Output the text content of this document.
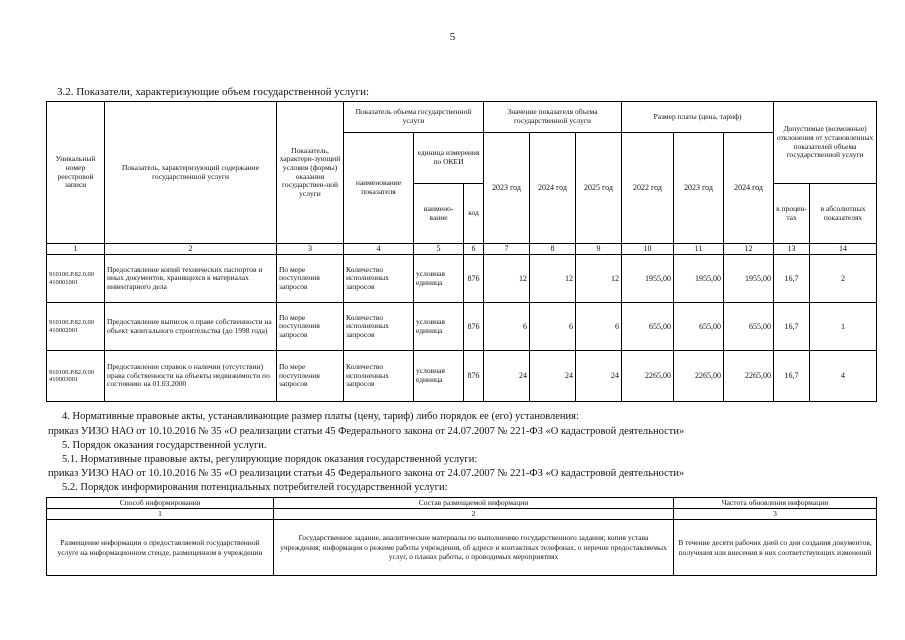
5
3.2. Показатели, характеризующие объем государственной услуги:
Уникальный номер реестровой записи	Показатель, характеризующий содержание государственной услуги	Показатель, характери-зующий условия (формы) оказания государствен-ной услуги	Показатель объема государственной услуги			Значение показателя объема государственной услуги			Размер платы (цена, тариф)			Допустимые (возможные) отклонения от установленных показателей объема государственной услуги	
			наименование показателя	единица измерения по ОКЕИ		2023 год	2024 год	2025 год	2022 год	2023 год	2024 год		
				наимено-вание	код							в процен-тах	в абсолютных показателях
1	2	3	4	5	6	7	8	9	10	11	12	13	14
910100.Р.82.0.00 410001001	Предоставление копий технических паспортов и иных документов, хранящихся в материалах инвентарного дела	По мере поступления запросов	Количество исполненных запросов	условная единица	876	12	12	12	1955,00	1955,00	1955,00	16,7	2
910100.Р.82.0.00 410002001	Предоставление выписок о праве собственности на объект капитального строительства (до 1998 года)	По мере поступления запросов	Количество исполненных запросов	условная единица	876	6	6	6	655,00	655,00	655,00	16,7	1
910100.Р.82.0.00 410003001	Предоставление справок о наличии (отсутствии) права собственности на объекты недвижимости по состоянию на 01.03.2000	По мере поступления запросов	Количество исполненных запросов	условная единица	876	24	24	24	2265,00	2265,00	2265,00	16,7	4
4. Нормативные правовые акты, устанавливающие размер платы (цену, тариф) либо порядок ее (его) установления:
приказ УИЗО НАО от 10.10.2016 № 35 «О реализации статьи 45 Федерального закона от 24.07.2007 № 221-ФЗ «О кадастровой деятельности»
5. Порядок оказания государственной услуги.
5.1. Нормативные правовые акты, регулирующие порядок оказания государственной услуги:
приказ УИЗО НАО от 10.10.2016 № 35 «О реализации статьи 45 Федерального закона от 24.07.2007 № 221-ФЗ «О кадастровой деятельности»
5.2. Порядок информирования потенциальных потребителей государственной услуги:
Способ информирования	Состав размещаемой информации	Частота обновления информации
1	2	3
Размещение информации о предоставляемой государственной услуге на информационном стенде, размещенном в учреждении	Государственное задание, аналитические материалы по выполнению государственного задания; копия устава учреждения; информация о режиме работы учреждения, об адресе и контактных телефонах, о перечне предоставляемых услуг, о планах работы, о проводимых мероприятиях	В течение десяти рабочих дней со дня создания документов, получения или внесения в них соответствующих изменений
